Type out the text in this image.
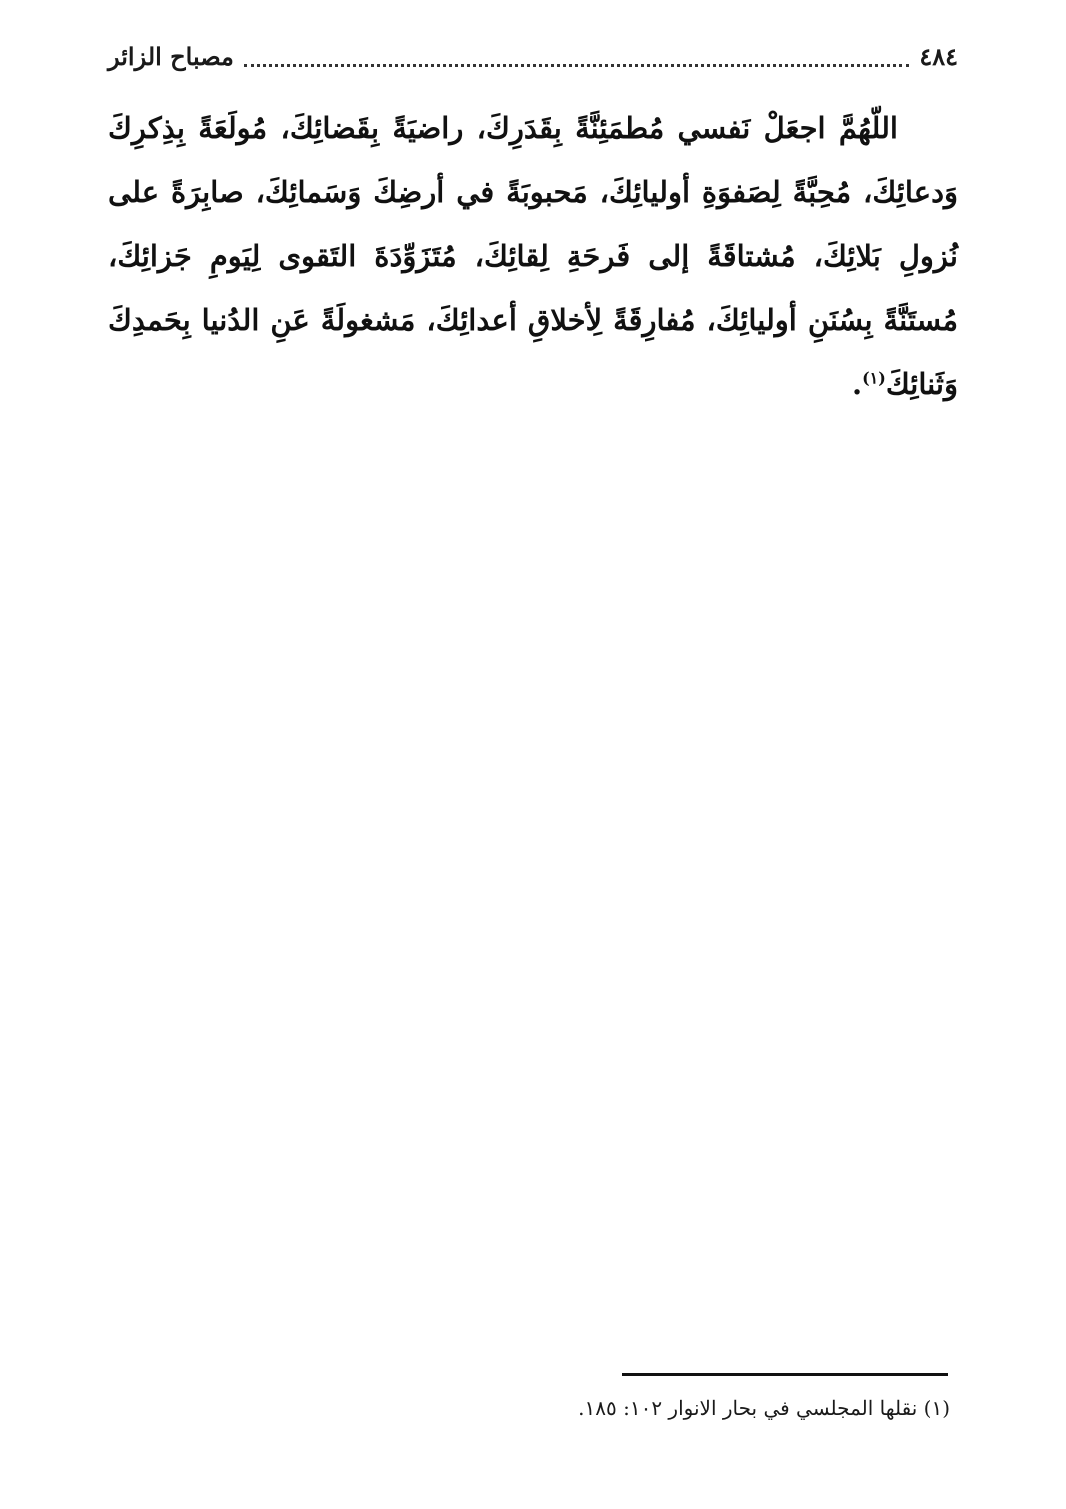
٤٨٤
مصباح الزائر
اللّهُمَّ اجعَلْ نَفسي مُطمَئِنَّةً بِقَدَرِكَ، راضيَةً بِقَضائِكَ، مُولَعَةً بِذِكرِكَ وَدعائِكَ، مُحِبَّةً لِصَفوَةِ أوليائِكَ، مَحبوبَةً في أرضِكَ وَسَمائِكَ، صابِرَةً على نُزولِ بَلائِكَ، مُشتاقَةً إلى فَرحَةِ لِقائِكَ، مُتَزَوِّدَةَ التَقوى لِيَومِ جَزائِكَ، مُستَنَّةً بِسُنَنِ أوليائِكَ، مُفارِقَةً لِأخلاقِ أعدائِكَ، مَشغولَةً عَنِ الدُنيا بِحَمدِكَ وَثَنائِكَ$^{(١)}$.
(١) نقلها المجلسي في بحار الانوار ١٠٢: ١٨٥.
